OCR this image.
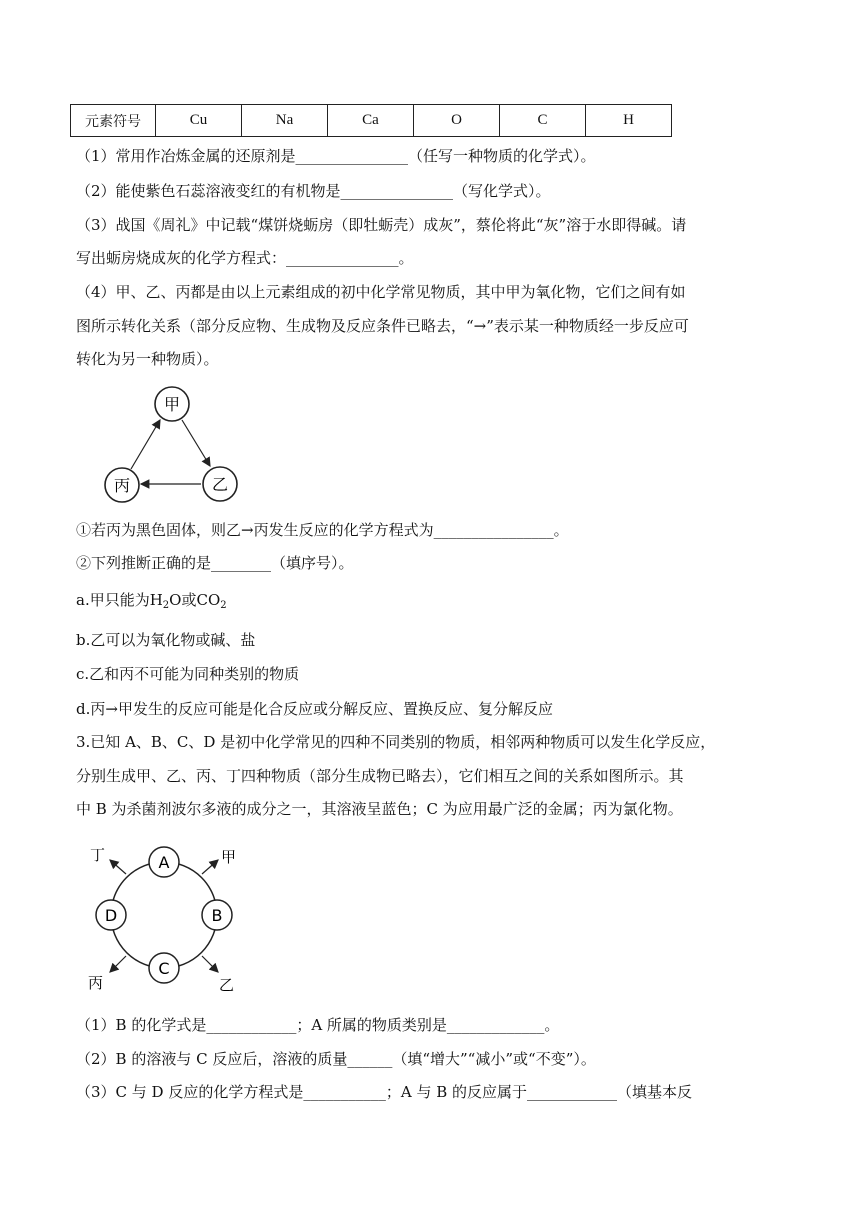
元素符号	Cu	Na	Ca	O	C	H
（1）常用作冶炼金属的还原剂是_______________（任写一种物质的化学式）。
（2）能使紫色石蕊溶液变红的有机物是_______________（写化学式）。
（3）战国《周礼》中记载“煤饼烧蛎房（即牡蛎壳）成灰”，蔡伦将此“灰”溶于水即得碱。请
写出蛎房烧成灰的化学方程式：_______________。
（4）甲、乙、丙都是由以上元素组成的初中化学常见物质，其中甲为氧化物，它们之间有如
图所示转化关系（部分反应物、生成物及反应条件已略去，“→”表示某一种物质经一步反应可
转化为另一种物质）。
甲
乙
丙
①若丙为黑色固体，则乙→丙发生反应的化学方程式为________________。
②下列推断正确的是________（填序号）。
a.甲只能为$H_2O$或$CO_2$
b.乙可以为氧化物或碱、盐
c.乙和丙不可能为同种类别的物质
d.丙→甲发生的反应可能是化合反应或分解反应、置换反应、复分解反应
3.已知 A、B、C、D 是初中化学常见的四种不同类别的物质，相邻两种物质可以发生化学反应，
分别生成甲、乙、丙、丁四种物质（部分生成物已略去），它们相互之间的关系如图所示。其
中 B 为杀菌剂波尔多液的成分之一，其溶液呈蓝色；C 为应用最广泛的金属；丙为氯化物。
A
B
C
D
丁	甲
丙	乙
（1）B 的化学式是____________；A 所属的物质类别是_____________。
（2）B 的溶液与 C 反应后，溶液的质量______（填“增大”“减小”或“不变”）。
（3）C 与 D 反应的化学方程式是___________；A 与 B 的反应属于____________（填基本反
